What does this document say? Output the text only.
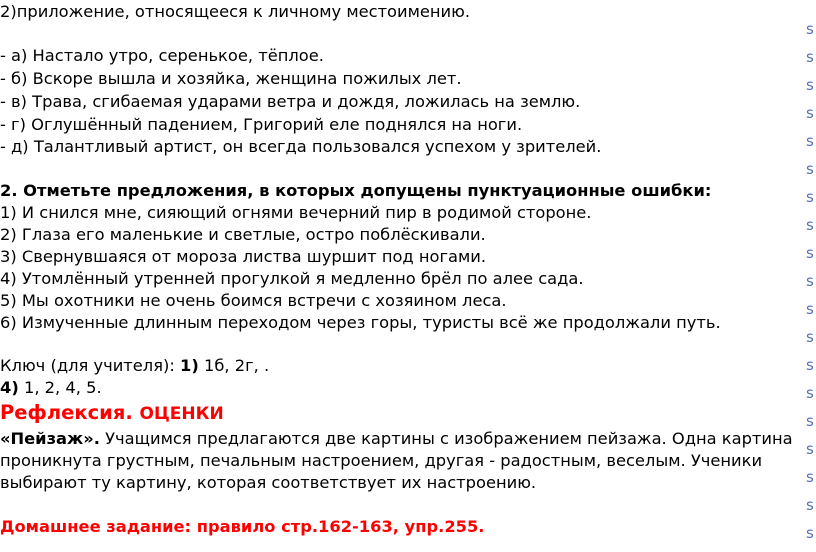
2)приложение, относящееся к личному местоимению.
- а) Настало утро, серенькое, тёплое.
- б) Вскоре вышла и хозяйка, женщина пожилых лет.
- в) Трава, сгибаемая ударами ветра и дождя, ложилась на землю.
- г) Оглушённый падением, Григорий еле поднялся на ноги.
- д) Талантливый артист, он всегда пользовался успехом у зрителей.
2. Отметьте предложения, в которых допущены пунктуационные ошибки:
1) И снился мне, сияющий огнями вечерний пир в родимой стороне.
2) Глаза его маленькие и светлые, остро поблёскивали.
3) Свернувшаяся от мороза листва шуршит под ногами.
4) Утомлённый утренней прогулкой я медленно брёл по алее сада.
5) Мы охотники не очень боимся встречи с хозяином леса.
6) Измученные длинным переходом через горы, туристы всё же продолжали путь.
Ключ (для учителя): 1) 1б, 2г, .
4) 1, 2, 4, 5.
Рефлексия. ОЦЕНКИ
«Пейзаж». Учащимся предлагаются две картины с изображением пейзажа. Одна картина
проникнута грустным, печальным настроением, другая - радостным, веселым. Ученики
выбирают ту картину, которая соответствует их настроению.
Домашнее задание: правило стр.162-163, упр.255.
s
s
s
s
s
s
s
s
s
s
s
s
s
s
s
s
s
s
s
